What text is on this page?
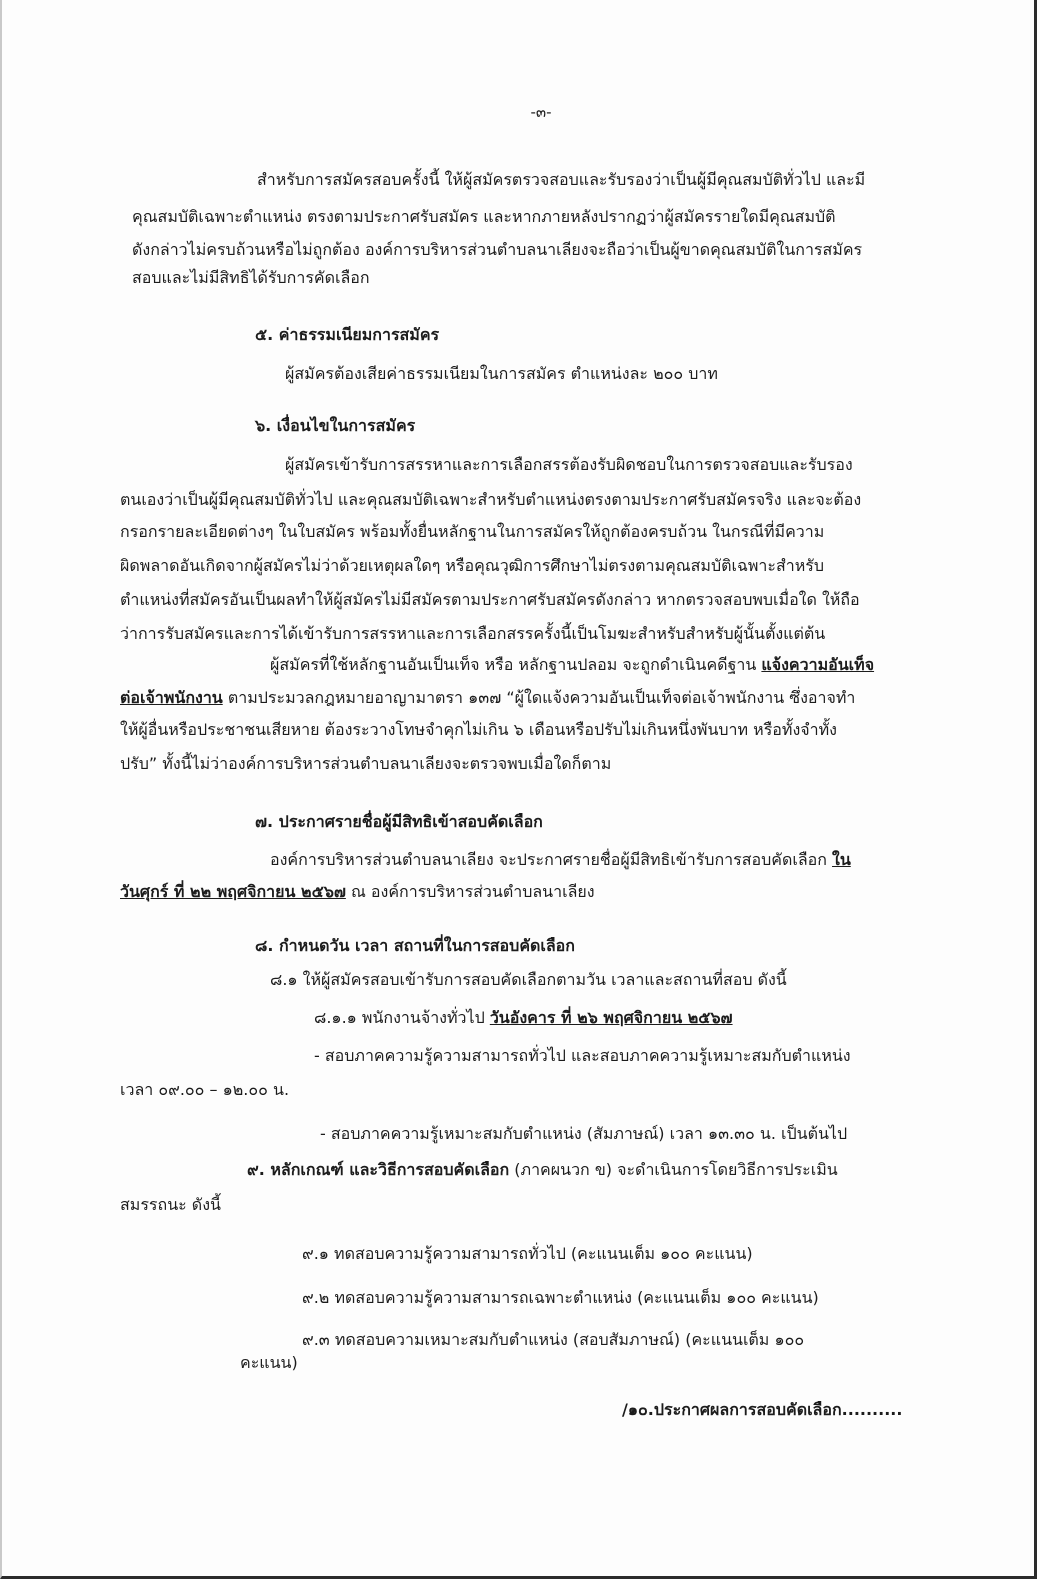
-๓-
สำหรับการสมัครสอบครั้งนี้ ให้ผู้สมัครตรวจสอบและรับรองว่าเป็นผู้มีคุณสมบัติทั่วไป และมี
คุณสมบัติเฉพาะตำแหน่ง ตรงตามประกาศรับสมัคร และหากภายหลังปรากฏว่าผู้สมัครรายใดมีคุณสมบัติ
ดังกล่าวไม่ครบถ้วนหรือไม่ถูกต้อง องค์การบริหารส่วนตำบลนาเลียงจะถือว่าเป็นผู้ขาดคุณสมบัติในการสมัคร
สอบและไม่มีสิทธิได้รับการคัดเลือก
๕. ค่าธรรมเนียมการสมัคร
ผู้สมัครต้องเสียค่าธรรมเนียมในการสมัคร ตำแหน่งละ ๒๐๐ บาท
๖. เงื่อนไขในการสมัคร
ผู้สมัครเข้ารับการสรรหาและการเลือกสรรต้องรับผิดชอบในการตรวจสอบและรับรอง
ตนเองว่าเป็นผู้มีคุณสมบัติทั่วไป และคุณสมบัติเฉพาะสำหรับตำแหน่งตรงตามประกาศรับสมัครจริง และจะต้อง
กรอกรายละเอียดต่างๆ ในใบสมัคร พร้อมทั้งยื่นหลักฐานในการสมัครให้ถูกต้องครบถ้วน ในกรณีที่มีความ
ผิดพลาดอันเกิดจากผู้สมัครไม่ว่าด้วยเหตุผลใดๆ หรือคุณวุฒิการศึกษาไม่ตรงตามคุณสมบัติเฉพาะสำหรับ
ตำแหน่งที่สมัครอันเป็นผลทำให้ผู้สมัครไม่มีสมัครตามประกาศรับสมัครดังกล่าว หากตรวจสอบพบเมื่อใด ให้ถือ
ว่าการรับสมัครและการได้เข้ารับการสรรหาและการเลือกสรรครั้งนี้เป็นโมฆะสำหรับสำหรับผู้นั้นตั้งแต่ต้น
ผู้สมัครที่ใช้หลักฐานอันเป็นเท็จ หรือ หลักฐานปลอม จะถูกดำเนินคดีฐาน แจ้งความอันเท็จ
ต่อเจ้าพนักงาน ตามประมวลกฎหมายอาญามาตรา ๑๓๗ “ผู้ใดแจ้งความอันเป็นเท็จต่อเจ้าพนักงาน ซึ่งอาจทำ
ให้ผู้อื่นหรือประชาชนเสียหาย ต้องระวางโทษจำคุกไม่เกิน ๖ เดือนหรือปรับไม่เกินหนึ่งพันบาท หรือทั้งจำทั้ง
ปรับ” ทั้งนี้ไม่ว่าองค์การบริหารส่วนตำบลนาเลียงจะตรวจพบเมื่อใดก็ตาม
๗. ประกาศรายชื่อผู้มีสิทธิเข้าสอบคัดเลือก
องค์การบริหารส่วนตำบลนาเลียง จะประกาศรายชื่อผู้มีสิทธิเข้ารับการสอบคัดเลือก ใน
วันศุกร์ ที่ ๒๒ พฤศจิกายน ๒๕๖๗ ณ องค์การบริหารส่วนตำบลนาเลียง
๘. กำหนดวัน เวลา สถานที่ในการสอบคัดเลือก
๘.๑ ให้ผู้สมัครสอบเข้ารับการสอบคัดเลือกตามวัน เวลาและสถานที่สอบ ดังนี้
๘.๑.๑ พนักงานจ้างทั่วไป วันอังคาร ที่ ๒๖ พฤศจิกายน ๒๕๖๗
- สอบภาคความรู้ความสามารถทั่วไป และสอบภาคความรู้เหมาะสมกับตำแหน่ง
เวลา ๐๙.๐๐ – ๑๒.๐๐ น.
- สอบภาคความรู้เหมาะสมกับตำแหน่ง (สัมภาษณ์) เวลา ๑๓.๓๐ น. เป็นต้นไป
๙. หลักเกณฑ์ และวิธีการสอบคัดเลือก (ภาคผนวก ข) จะดำเนินการโดยวิธีการประเมิน
สมรรถนะ ดังนี้
๙.๑ ทดสอบความรู้ความสามารถทั่วไป (คะแนนเต็ม ๑๐๐ คะแนน)
๙.๒ ทดสอบความรู้ความสามารถเฉพาะตำแหน่ง (คะแนนเต็ม ๑๐๐ คะแนน)
๙.๓ ทดสอบความเหมาะสมกับตำแหน่ง (สอบสัมภาษณ์) (คะแนนเต็ม ๑๐๐
คะแนน)
/๑๐.ประกาศผลการสอบคัดเลือก..........
